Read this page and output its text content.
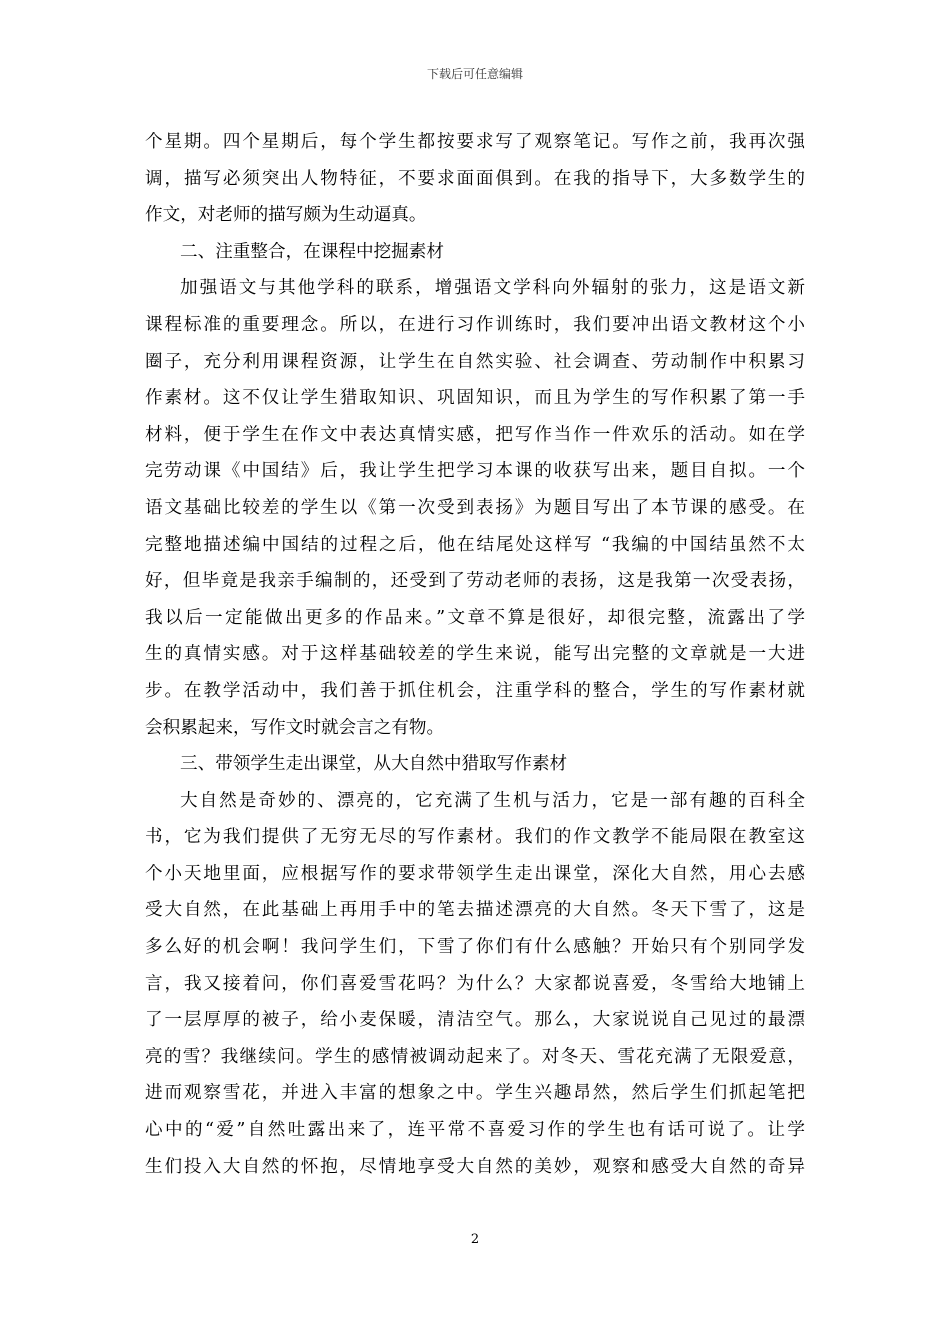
下载后可任意编辑
个星期。四个星期后，每个学生都按要求写了观察笔记。写作之前，我再次强
调，描写必须突出人物特征，不要求面面俱到。在我的指导下，大多数学生的
作文，对老师的描写颇为生动逼真。
二、注重整合，在课程中挖掘素材
加强语文与其他学科的联系，增强语文学科向外辐射的张力，这是语文新
课程标准的重要理念。所以，在进行习作训练时，我们要冲出语文教材这个小
圈子，充分利用课程资源，让学生在自然实验、社会调查、劳动制作中积累习
作素材。这不仅让学生猎取知识、巩固知识，而且为学生的写作积累了第一手
材料，便于学生在作文中表达真情实感，把写作当作一件欢乐的活动。如在学
完劳动课《中国结》后，我让学生把学习本课的收获写出来，题目自拟。一个
语文基础比较差的学生以《第一次受到表扬》为题目写出了本节课的感受。在
完整地描述编中国结的过程之后，他在结尾处这样写 “我编的中国结虽然不太
好，但毕竟是我亲手编制的，还受到了劳动老师的表扬，这是我第一次受表扬，
我以后一定能做出更多的作品来。”文章不算是很好，却很完整，流露出了学
生的真情实感。对于这样基础较差的学生来说，能写出完整的文章就是一大进
步。在教学活动中，我们善于抓住机会，注重学科的整合，学生的写作素材就
会积累起来，写作文时就会言之有物。
三、带领学生走出课堂，从大自然中猎取写作素材
大自然是奇妙的、漂亮的，它充满了生机与活力，它是一部有趣的百科全
书，它为我们提供了无穷无尽的写作素材。我们的作文教学不能局限在教室这
个小天地里面，应根据写作的要求带领学生走出课堂，深化大自然，用心去感
受大自然，在此基础上再用手中的笔去描述漂亮的大自然。冬天下雪了，这是
多么好的机会啊！我问学生们，下雪了你们有什么感触？开始只有个别同学发
言，我又接着问，你们喜爱雪花吗？为什么？大家都说喜爱，冬雪给大地铺上
了一层厚厚的被子，给小麦保暖，清洁空气。那么，大家说说自己见过的最漂
亮的雪？我继续问。学生的感情被调动起来了。对冬天、雪花充满了无限爱意，
进而观察雪花，并进入丰富的想象之中。学生兴趣昂然，然后学生们抓起笔把
心中的“爱”自然吐露出来了，连平常不喜爱习作的学生也有话可说了。让学
生们投入大自然的怀抱，尽情地享受大自然的美妙，观察和感受大自然的奇异
2
